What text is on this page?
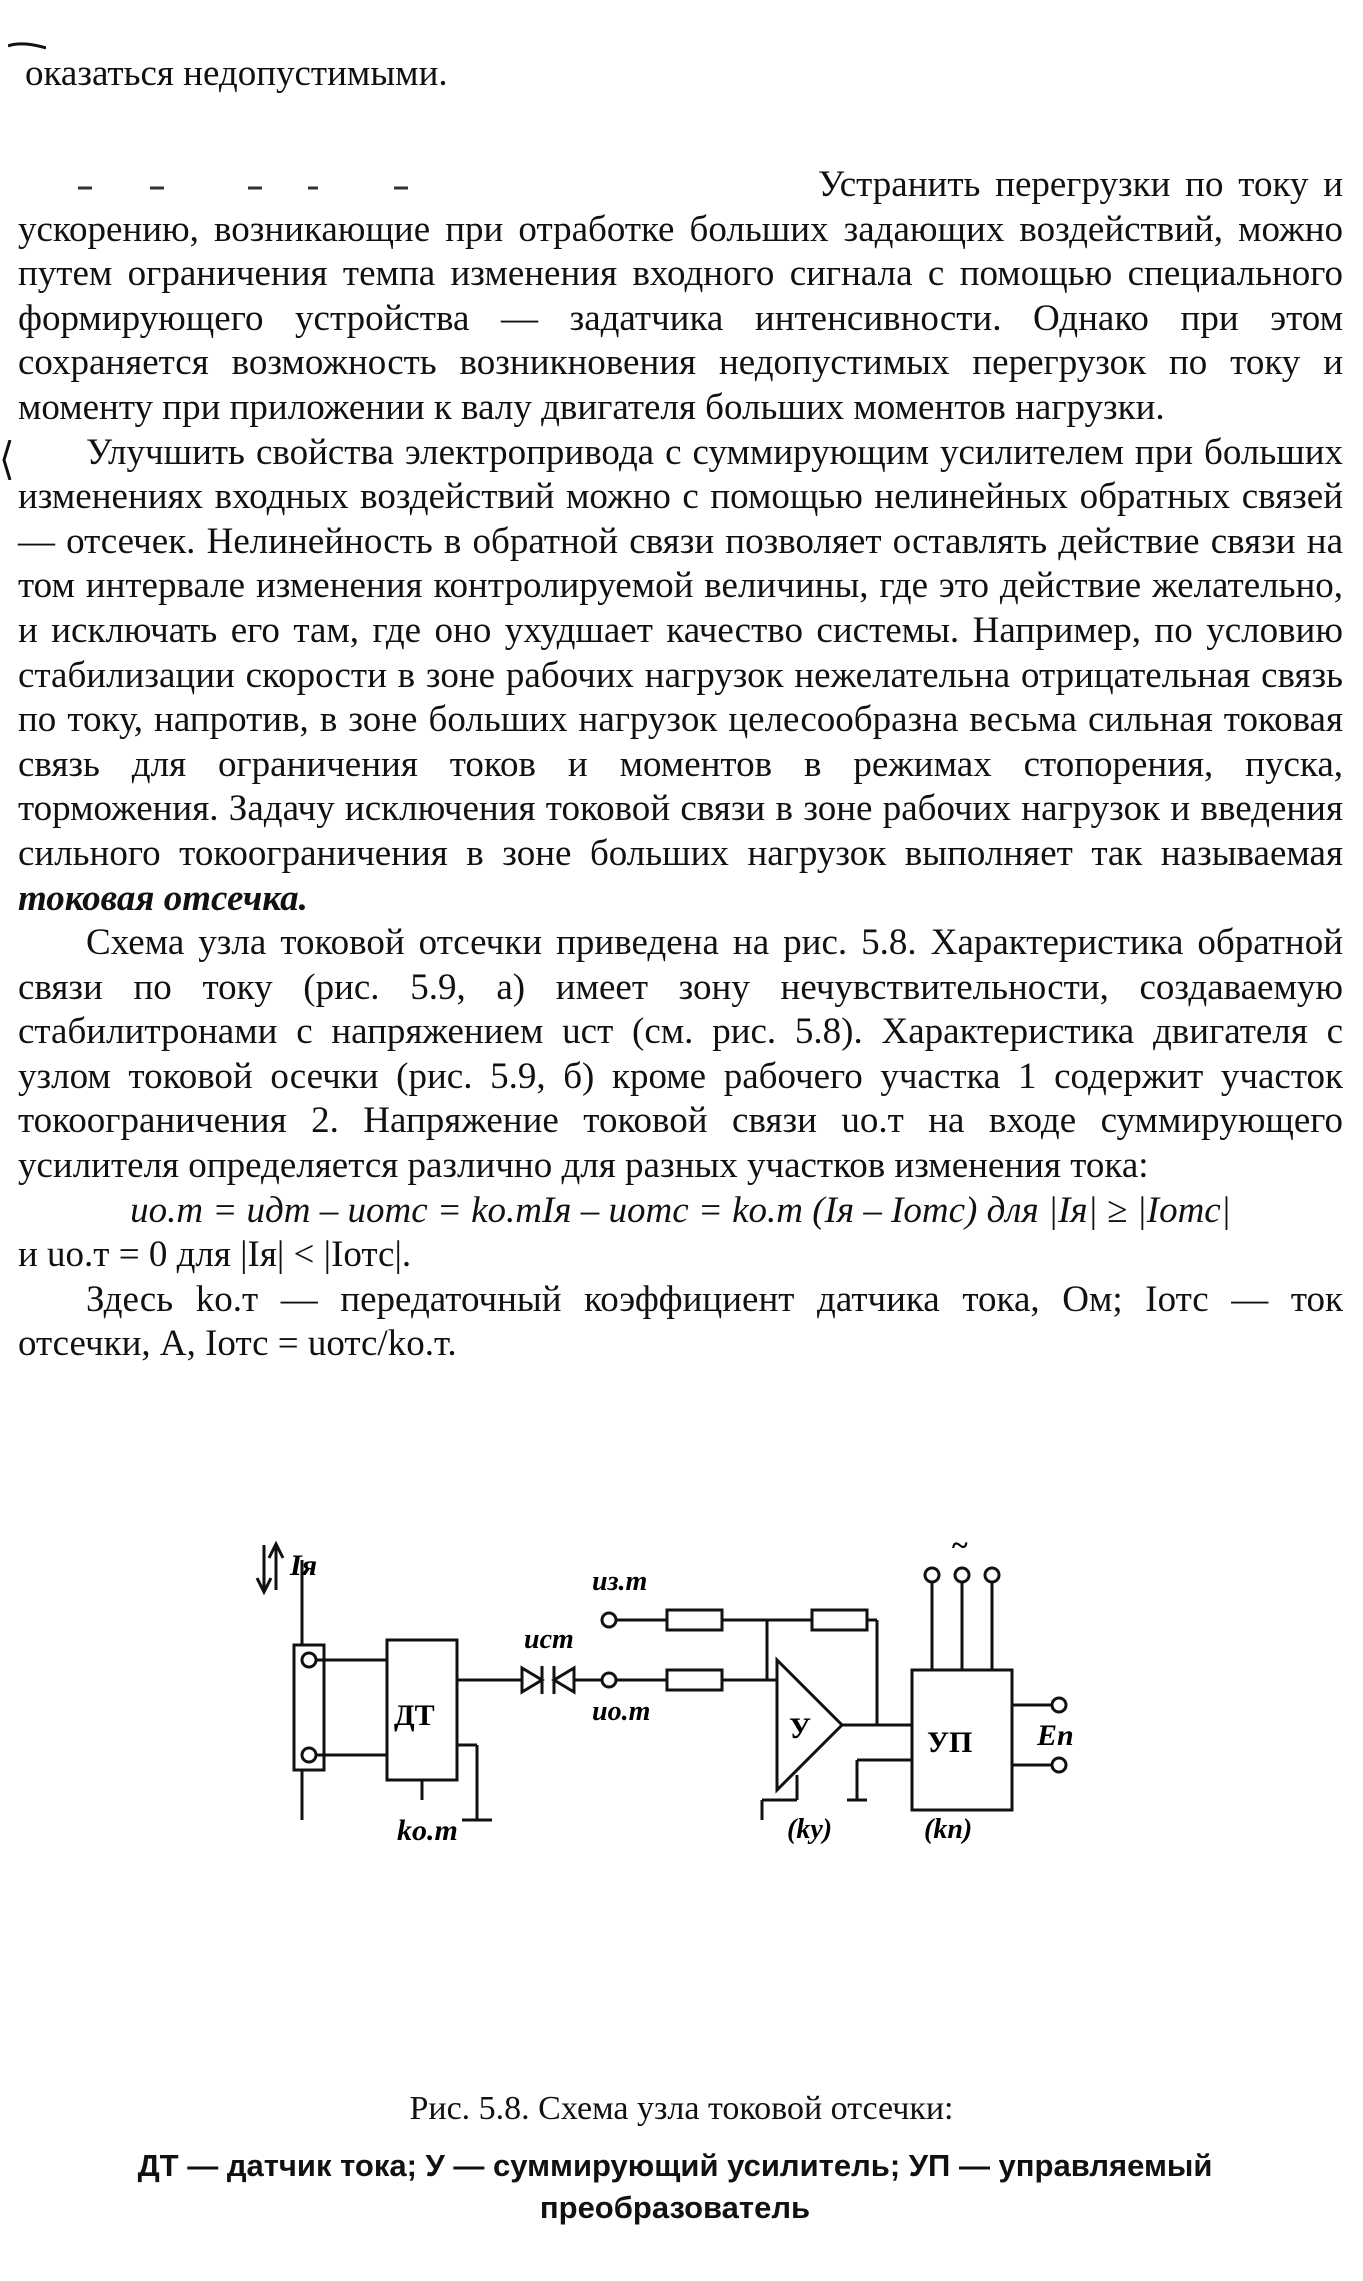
оказаться недопустимыми.

Устранить перегрузки по току и ускорению, возникающие при отработке больших задающих воздействий, можно путем ограничения темпа изменения входного сигнала с помощью специального формирующего устройства — задатчика интенсивности. Однако при этом сохраняется возможность возникновения недопустимых перегрузок по току и моменту при приложении к валу двигателя больших моментов нагрузки.

Улучшить свойства электропривода с суммирующим усилителем при больших изменениях входных воздействий можно с помощью нелинейных обратных связей — отсечек. Нелинейность в обратной связи позволяет оставлять действие связи на том интервале изменения контролируемой величины, где это действие желательно, и исключать его там, где оно ухудшает качество системы. Например, по условию стабилизации скорости в зоне рабочих нагрузок нежелательна отрицательная связь по току, напротив, в зоне больших нагрузок целесообразна весьма сильная токовая связь для ограничения токов и моментов в режимах стопорения, пуска, торможения. Задачу исключения токовой связи в зоне рабочих нагрузок и введения сильного токоограничения в зоне больших нагрузок выполняет так называемая токовая отсечка.

Схема узла токовой отсечки приведена на рис. 5.8. Характеристика обратной связи по току (рис. 5.9, а) имеет зону нечувствительности, создаваемую стабилитронами с напряжением uст (см. рис. 5.8). Характеристика двигателя с узлом токовой осечки (рис. 5.9, б) кроме рабочего участка 1 содержит участок токоограничения 2. Напряжение токовой связи uо.т на входе суммирующего усилителя определяется различно для разных участков изменения тока:

uо.т = uдт – uотс = kо.тIя – uотс = kо.т (Iя – Iотс) для |Iя| ≥ |Iотс|

и uо.т = 0 для |Iя| < |Iотс|.

Здесь kо.т — передаточный коэффициент датчика тока, Ом; Iотс — ток отсечки, А, Iотс = uотс/kо.т.

Iя
ДТ
kо.т
uст
uз.т
uо.т
У
(kу)
УП
(kп)
Eп
~
Рис. 5.8. Схема узла токовой отсечки:
ДТ — датчик тока; У — суммирующий усилитель; УП — управляемый преобразователь
